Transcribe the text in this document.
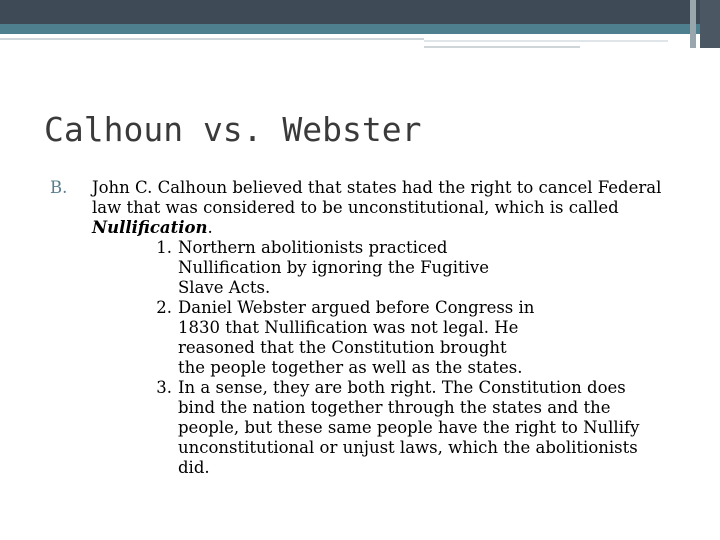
Calhoun vs. Webster
B.	John C. Calhoun believed that states had the right to cancel Federal law that was considered to be unconstitutional, which is called Nullification.
1. Northern abolitionists practiced Nullification by ignoring the Fugitive Slave Acts.
2. Daniel Webster argued before Congress in 1830 that Nullification was not legal. He reasoned that the Constitution brought the people together as well as the states.
3. In a sense, they are both right. The Constitution does bind the nation together through the states and the people, but these same people have the right to Nullify unconstitutional or unjust laws, which the abolitionists did.
